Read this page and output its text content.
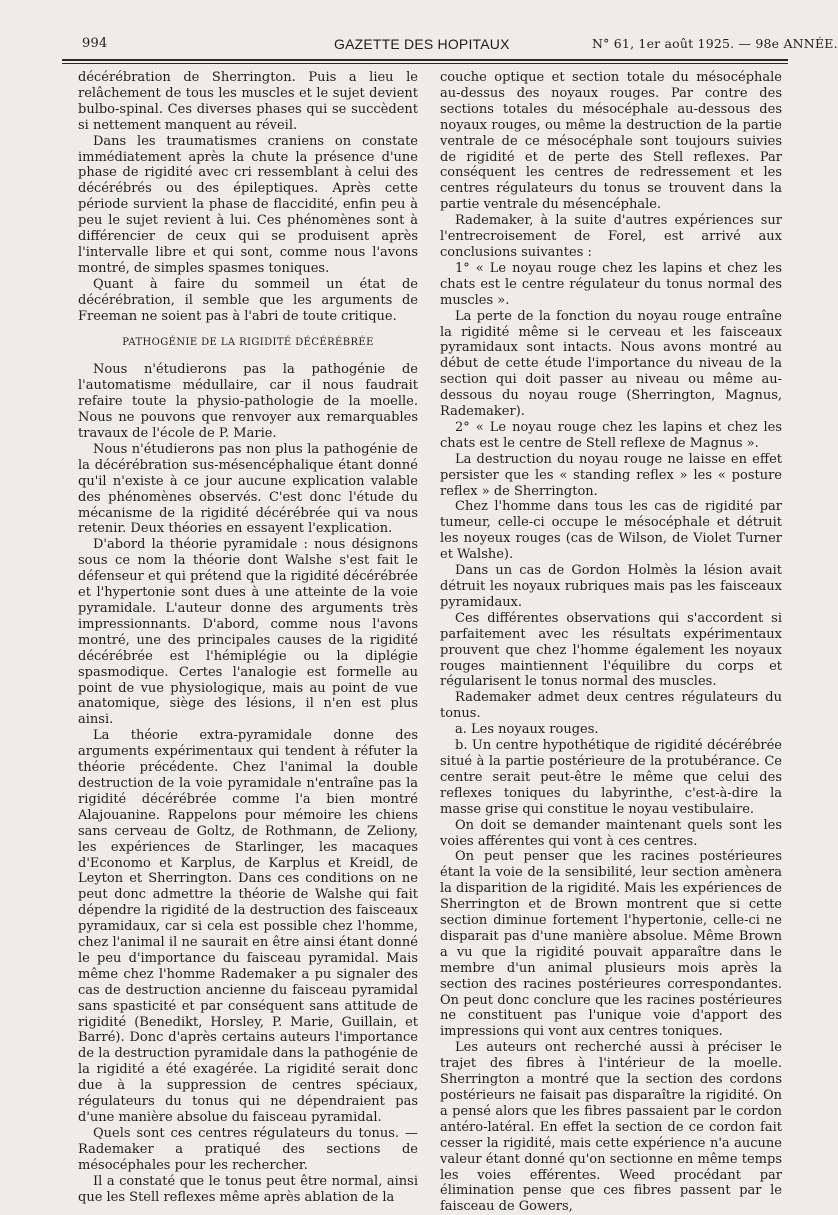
994	GAZETTE DES HOPITAUX	N° 61, 1er août 1925. — 98e ANNÉE.

décérébration de Sherrington. Puis a lieu le relâchement de tous les muscles et le sujet devient bulbo-spinal. Ces diverses phases qui se succèdent si nettement manquent au réveil.

Dans les traumatismes craniens on constate immédiatement après la chute la présence d'une phase de rigidité avec cri ressemblant à celui des décérébrés ou des épileptiques. Après cette période survient la phase de flaccidité, enfin peu à peu le sujet revient à lui. Ces phénomènes sont à différencier de ceux qui se produisent après l'intervalle libre et qui sont, comme nous l'avons montré, de simples spasmes toniques.

Quant à faire du sommeil un état de décérébration, il semble que les arguments de Freeman ne soient pas à l'abri de toute critique.

PATHOGÉNIE DE LA RIGIDITÉ DÉCÉRÉBRÉE

Nous n'étudierons pas la pathogénie de l'automatisme médullaire, car il nous faudrait refaire toute la physio-pathologie de la moelle. Nous ne pouvons que renvoyer aux remarquables travaux de l'école de P. Marie.

Nous n'étudierons pas non plus la pathogénie de la décérébration sus-mésencéphalique étant donné qu'il n'existe à ce jour aucune explication valable des phénomènes observés. C'est donc l'étude du mécanisme de la rigidité décérébrée qui va nous retenir. Deux théories en essayent l'explication.

D'abord la théorie pyramidale : nous désignons sous ce nom la théorie dont Walshe s'est fait le défenseur et qui prétend que la rigidité décérébrée et l'hypertonie sont dues à une atteinte de la voie pyramidale. L'auteur donne des arguments très impressionnants. D'abord, comme nous l'avons montré, une des principales causes de la rigidité décérébrée est l'hémiplégie ou la diplégie spasmodique. Certes l'analogie est formelle au point de vue physiologique, mais au point de vue anatomique, siège des lésions, il n'en est plus ainsi.

La théorie extra-pyramidale donne des arguments expérimentaux qui tendent à réfuter la théorie précédente. Chez l'animal la double destruction de la voie pyramidale n'entraîne pas la rigidité décérébrée comme l'a bien montré Alajouanine. Rappelons pour mémoire les chiens sans cerveau de Goltz, de Rothmann, de Zeliony, les expériences de Starlinger, les macaques d'Economo et Karplus, de Karplus et Kreidl, de Leyton et Sherrington. Dans ces conditions on ne peut donc admettre la théorie de Walshe qui fait dépendre la rigidité de la destruction des faisceaux pyramidaux, car si cela est possible chez l'homme, chez l'animal il ne saurait en être ainsi étant donné le peu d'importance du faisceau pyramidal. Mais même chez l'homme Rademaker a pu signaler des cas de destruction ancienne du faisceau pyramidal sans spasticité et par conséquent sans attitude de rigidité (Benedikt, Horsley, P. Marie, Guillain, et Barré). Donc d'après certains auteurs l'importance de la destruction pyramidale dans la pathogénie de la rigidité a été exagérée. La rigidité serait donc due à la suppression de centres spéciaux, régulateurs du tonus qui ne dépendraient pas d'une manière absolue du faisceau pyramidal.

Quels sont ces centres régulateurs du tonus. — Rademaker a pratiqué des sections de mésocéphales pour les rechercher.

Il a constaté que le tonus peut être normal, ainsi que les Stell reflexes même après ablation de la

couche optique et section totale du mésocéphale au-dessus des noyaux rouges. Par contre des sections totales du mésocéphale au-dessous des noyaux rouges, ou même la destruction de la partie ventrale de ce mésocéphale sont toujours suivies de rigidité et de perte des Stell reflexes. Par conséquent les centres de redressement et les centres régulateurs du tonus se trouvent dans la partie ventrale du mésencéphale.

Rademaker, à la suite d'autres expériences sur l'entrecroisement de Forel, est arrivé aux conclusions suivantes :

1° « Le noyau rouge chez les lapins et chez les chats est le centre régulateur du tonus normal des muscles ».

La perte de la fonction du noyau rouge entraîne la rigidité même si le cerveau et les faisceaux pyramidaux sont intacts. Nous avons montré au début de cette étude l'importance du niveau de la section qui doit passer au niveau ou même au-dessous du noyau rouge (Sherrington, Magnus, Rademaker).

2° « Le noyau rouge chez les lapins et chez les chats est le centre de Stell reflexe de Magnus ».

La destruction du noyau rouge ne laisse en effet persister que les « standing reflex » les « posture reflex » de Sherrington.

Chez l'homme dans tous les cas de rigidité par tumeur, celle-ci occupe le mésocéphale et détruit les noyeux rouges (cas de Wilson, de Violet Turner et Walshe).

Dans un cas de Gordon Holmès la lésion avait détruit les noyaux rubriques mais pas les faisceaux pyramidaux.

Ces différentes observations qui s'accordent si parfaitement avec les résultats expérimentaux prouvent que chez l'homme également les noyaux rouges maintiennent l'équilibre du corps et régularisent le tonus normal des muscles.

Rademaker admet deux centres régulateurs du tonus.

a. Les noyaux rouges.

b. Un centre hypothétique de rigidité décérébrée situé à la partie postérieure de la protubérance. Ce centre serait peut-être le même que celui des reflexes toniques du labyrinthe, c'est-à-dire la masse grise qui constitue le noyau vestibulaire.

On doit se demander maintenant quels sont les voies afférentes qui vont à ces centres.

On peut penser que les racines postérieures étant la voie de la sensibilité, leur section amènera la disparition de la rigidité. Mais les expériences de Sherrington et de Brown montrent que si cette section diminue fortement l'hypertonie, celle-ci ne disparait pas d'une manière absolue. Même Brown a vu que la rigidité pouvait apparaître dans le membre d'un animal plusieurs mois après la section des racines postérieures correspondantes. On peut donc conclure que les racines postérieures ne constituent pas l'unique voie d'apport des impressions qui vont aux centres toniques.

Les auteurs ont recherché aussi à préciser le trajet des fibres à l'intérieur de la moelle. Sherrington a montré que la section des cordons postérieurs ne faisait pas disparaître la rigidité. On a pensé alors que les fibres passaient par le cordon antéro-latéral. En effet la section de ce cordon fait cesser la rigidité, mais cette expérience n'a aucune valeur étant donné qu'on sectionne en même temps les voies efférentes. Weed procédant par élimination pense que ces fibres passent par le faisceau de Gowers,
